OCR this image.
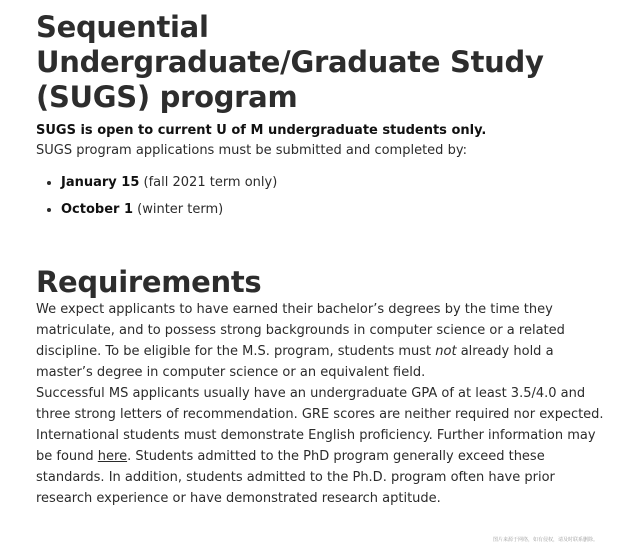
Sequential Undergraduate/Graduate Study (SUGS) program
SUGS is open to current U of M undergraduate students only.

SUGS program applications must be submitted and completed by:

• January 15 (fall 2021 term only)
• October 1 (winter term)
Requirements

We expect applicants to have earned their bachelor’s degrees by the time they matriculate, and to possess strong backgrounds in computer science or a related discipline. To be eligible for the M.S. program, students must not already hold a master’s degree in computer science or an equivalent field.

Successful MS applicants usually have an undergraduate GPA of at least 3.5/4.0 and three strong letters of recommendation. GRE scores are neither required nor expected. International students must demonstrate English proficiency. Further information may be found here. Students admitted to the PhD program generally exceed these standards. In addition, students admitted to the Ph.D. program often have prior research experience or have demonstrated research aptitude.

图片来源于网络，如有侵权，请及时联系删除。
